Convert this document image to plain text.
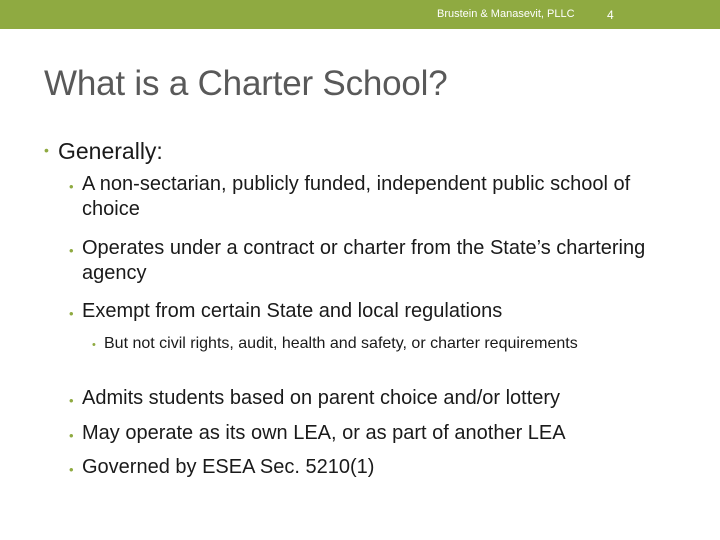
Brustein & Manasevit, PLLC	4
What is a Charter School?
• Generally:
• A non-sectarian, publicly funded, independent public school of choice
• Operates under a contract or charter from the State’s chartering agency
• Exempt from certain State and local regulations
• But not civil rights, audit, health and safety, or charter requirements
• Admits students based on parent choice and/or lottery
• May operate as its own LEA, or as part of another LEA
• Governed by ESEA Sec. 5210(1)
